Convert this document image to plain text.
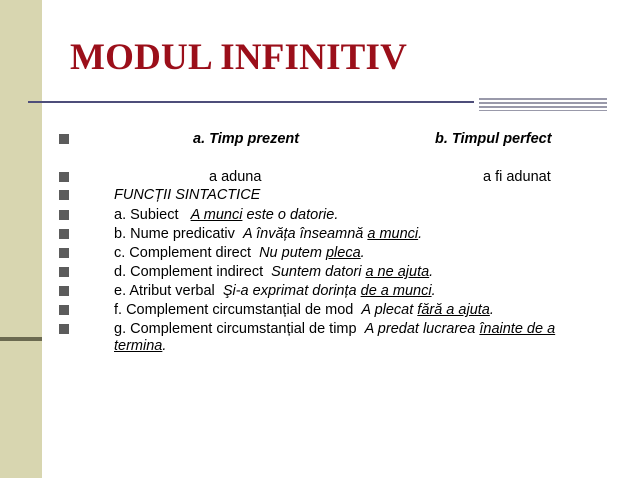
MODUL INFINITIV
a. Timp prezent	b. Timpul perfect
a aduna	a fi adunat
FUNCȚII SINTACTICE
a. Subiect A munci este o datorie.
b. Nume predicativ A învăța înseamnă a munci.
c. Complement direct Nu putem pleca.
d. Complement indirect Suntem datori a ne ajuta.
e. Atribut verbal Şi-a exprimat dorința de a munci.
f. Complement circumstanțial de mod A plecat fără a ajuta.
g. Complement circumstanțial de timp A predat lucrarea înainte de a termina.
